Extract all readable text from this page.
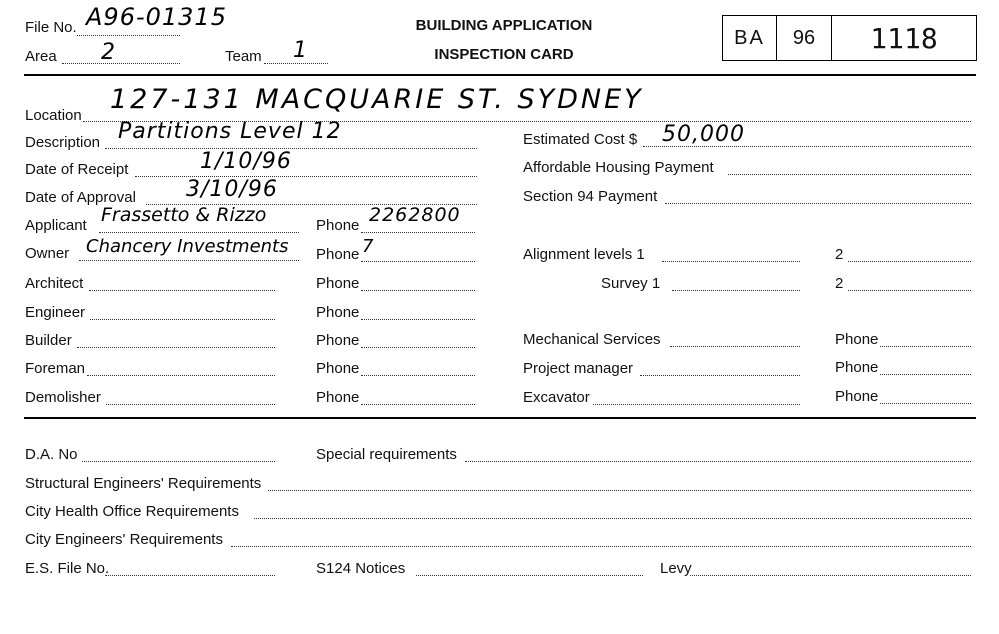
File No. A96-01315
Area 2	Team 1
BUILDING APPLICATION
INSPECTION CARD
BA	96	1118
Location
127-131 MACQUARIE ST. SYDNEY
Description Partitions Level 12	Estimated Cost $ 50,000
Date of Receipt	1/10/96	Affordable Housing Payment
Date of Approval 3/10/96	Section 94 Payment
Applicant Frassetto & Rizzo	Phone 2262800
Owner Chancery Investments Phone 7	Alignment levels 1	2
Architect	Phone	Survey 1	2
Engineer	Phone
Builder	Phone	Mechanical Services	Phone
Foreman	Phone	Project manager	Phone
Demolisher	Phone	Excavator	Phone
D.A. No	Special requirements
Structural Engineers' Requirements
City Health Office Requirements
City Engineers' Requirements
E.S. File No.	S124 Notices	Levy
